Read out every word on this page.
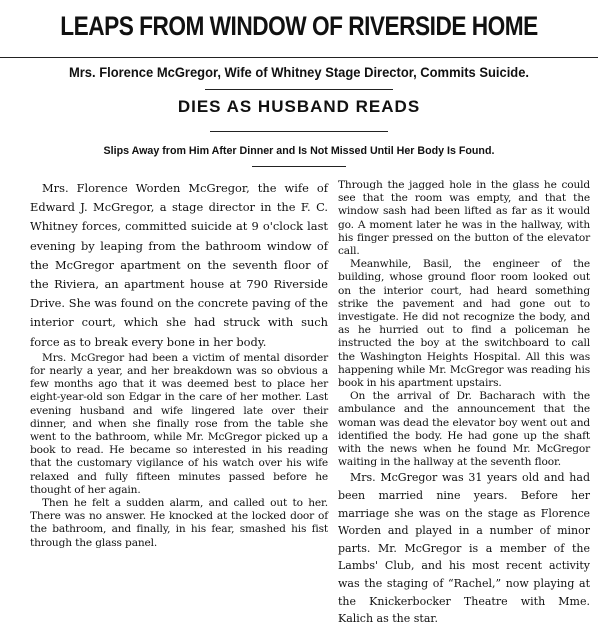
LEAPS FROM WINDOW OF RIVERSIDE HOME
Mrs. Florence McGregor, Wife of Whitney Stage Director, Commits Suicide.
DIES AS HUSBAND READS
Slips Away from Him After Dinner and Is Not Missed Until Her Body Is Found.

Mrs. Florence Worden McGregor, the wife of Edward J. McGregor, a stage director in the F. C. Whitney forces, committed suicide at 9 o'clock last evening by leaping from the bathroom window of the McGregor apartment on the seventh floor of the Riviera, an apartment house at 790 Riverside Drive. She was found on the concrete paving of the interior court, which she had struck with such force as to break every bone in her body.

Mrs. McGregor had been a victim of mental disorder for nearly a year, and her breakdown was so obvious a few months ago that it was deemed best to place her eight-year-old son Edgar in the care of her mother. Last evening husband and wife lingered late over their dinner, and when she finally rose from the table she went to the bathroom, while Mr. McGregor picked up a book to read. He became so interested in his reading that the customary vigilance of his watch over his wife relaxed and fully fifteen minutes passed before he thought of her again.

Then he felt a sudden alarm, and called out to her. There was no answer. He knocked at the locked door of the bathroom, and finally, in his fear, smashed his fist through the glass panel.

Through the jagged hole in the glass he could see that the room was empty, and that the window sash had been lifted as far as it would go. A moment later he was in the hallway, with his finger pressed on the button of the elevator call.

Meanwhile, Basil, the engineer of the building, whose ground floor room looked out on the interior court, had heard something strike the pavement and had gone out to investigate. He did not recognize the body, and as he hurried out to find a policeman he instructed the boy at the switchboard to call the Washington Heights Hospital. All this was happening while Mr. McGregor was reading his book in his apartment upstairs.

On the arrival of Dr. Bacharach with the ambulance and the announcement that the woman was dead the elevator boy went out and identified the body. He had gone up the shaft with the news when he found Mr. McGregor waiting in the hallway at the seventh floor.

Mrs. McGregor was 31 years old and had been married nine years. Before her marriage she was on the stage as Florence Worden and played in a number of minor parts. Mr. McGregor is a member of the Lambs' Club, and his most recent activity was the staging of “Rachel,” now playing at the Knickerbocker Theatre with Mme. Kalich as the star.
